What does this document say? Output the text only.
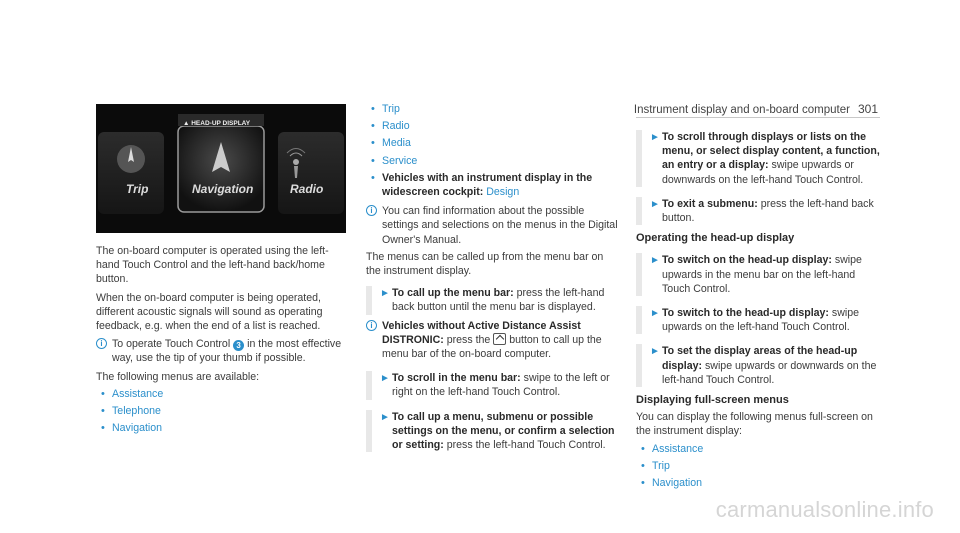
Instrument display and on-board computer 301
▲ HEAD-UP DISPLAY
Trip	Navigation	Radio

The on-board computer is operated using the left-hand Touch Control and the left-hand back/home button.

When the on-board computer is being operated, different acoustic signals will sound as operating feedback, e.g. when the end of a list is reached.

i To operate Touch Control 3 in the most effective way, use the tip of your thumb if possible.

The following menus are available:

• Assistance
• Telephone
• Navigation
• Trip
• Radio
• Media
• Service
• Vehicles with an instrument display in the widescreen cockpit: Design
i You can find information about the possible settings and selections on the menus in the Digital Owner's Manual.

The menus can be called up from the menu bar on the instrument display.

► To call up the menu bar: press the left-hand back button until the menu bar is displayed.
i Vehicles without Active Distance Assist DISTRONIC: press the button to call up the menu bar of the on-board computer.
► To scroll in the menu bar: swipe to the left or right on the left-hand Touch Control.
► To call up a menu, submenu or possible settings on the menu, or confirm a selection or setting: press the left-hand Touch Control.
► To scroll through displays or lists on the menu, or select display content, a function, an entry or a display: swipe upwards or downwards on the left-hand Touch Control.
► To exit a submenu: press the left-hand back button.

Operating the head-up display

► To switch on the head-up display: swipe upwards in the menu bar on the left-hand Touch Control.
► To switch to the head-up display: swipe upwards on the left-hand Touch Control.
► To set the display areas of the head-up display: swipe upwards or downwards on the left-hand Touch Control.

Displaying full-screen menus

You can display the following menus full-screen on the instrument display:

• Assistance
• Trip
• Navigation
carmanualsonline.info
